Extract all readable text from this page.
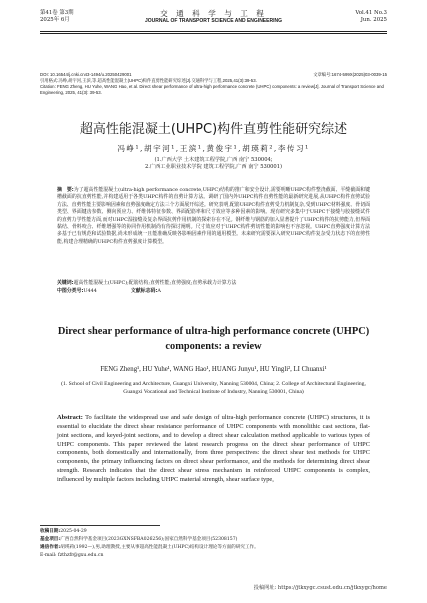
第41卷 第3期
2025年 6月
交 通 科 学 与 工 程
JOURNAL OF TRANSPORT SCIENCE AND ENGINEERING
Vol.41 No.3
Jun. 2025
DOI: 10.16544/j.cnki.cn43-1494/u.20250429001	文章编号:1674-599X(2025)03-0039-15
引用格式:冯峥,胡宇河,王滨,等.超高性能混凝土(UHPC)构件直剪性能研究综述[J].交通科学与工程,2025,41(3):39-53.
Citation: FENG Zheng, HU Yuhe, WANG Hao, et al. Direct shear performance of ultra-high performance concrete (UHPC) components: a review[J]. Journal of Transport Science and Engineering, 2025, 41(3): 39-53.
超高性能混凝土(UHPC)构件直剪性能研究综述
冯峥¹,胡宇河¹,王滨¹,黄俊宇¹,胡瑛莉²,李传习¹
(1.广西大学 土木建筑工程学院,广西 南宁 530004;
2.广西工业职业技术学院 建筑工程学院,广西 南宁 530001)
摘　要:为了超高性能混凝土(ultra-high performance concrete,UHPC)结构的推广和安全设计,需要明晰UHPC构件整浇截面、平缝截面和键槽截面的抗直剪性能,并构建适用于各类UHPC构件的直剪计算方法。调研了国内外UHPC构件直剪性能的最新研究进展,从UHPC构件直剪试验方法、直剪性能主要影响因素和直剪强度确定方法三个方面展开综述。研究表明,配筋UHPC构件直剪受力机制复杂,受到UHPC材料强度、骨切面类型、界面键齿参数、侧向预应力、纤维体特征参数、界面配筋率和尺寸效应等多种因素的影响。现有研究多集中于UHPC干接缝与胶接缝试件的直剪力学性能方面,而对UHPC湿接缝及复杂界面抗剪作用机制的探索存在不足。钢纤维与钢筋的加入显著提升了UHPC构件的抗剪能力,但界面黏结、骨料咬合、纤维增强等的协同作用机制尚有待探讨阐明。尺寸效应对于UHPC构件剪切性能的影响也不容忽视。UHPC直剪强度计算方法多基于已有规范和试验数据,尚未形成统一且能准确反映各影响因素作用的通用模型。未来研究需要深入研究UHPC构件复杂受力状态下的直剪性能,构建合理精确的UHPC构件直剪强度计算模型。
关键词:超高性能混凝土(UHPC);配筋结构;直剪性能;直剪强度;直剪承载力计算方法
中图分类号:U444	文献标志码:A
Direct shear performance of ultra-high performance concrete (UHPC) components: a review
FENG Zheng¹, HU Yuhe¹, WANG Hao¹, HUANG Junyu¹, HU Yingli², LI Chuanxi¹
(1. School of Civil Engineering and Architecture, Guangxi University, Nanning 530004, China; 2. College of Architectural Engineering, Guangxi Vocational and Technical Institute of Industry, Nanning 530001, China)
Abstract: To facilitate the widespread use and safe design of ultra-high performance concrete (UHPC) structures, it is essential to elucidate the direct shear resistance performance of UHPC components with monolithic cast sections, flat-joint sections, and keyed-joint sections, and to develop a direct shear calculation method applicable to various types of UHPC components. This paper reviewed the latest research progress on the direct shear performance of UHPC components, both domestically and internationally, from three perspectives: the direct shear test methods for UHPC components, the primary influencing factors on direct shear performance, and the methods for determining direct shear strength. Research indicates that the direct shear stress mechanism in reinforced UHPC components is complex, influenced by multiple factors including UHPC material strength, shear surface type,
收稿日期:2025-04-29
基金项目:广西自然科学基金项目(2023GXNSFBA026256);国家自然科学基金项目(52308157)
通信作者:胡瑛莉(1992—),男,助理教授,主要从事超高性能混凝土(UHPC)结构设计理论等方面的研究工作。
E-mail: fzthzfr@gxu.edu.cn
投稿网址: https://jtkxygc.csust.edu.cn/jtkxygc/home
